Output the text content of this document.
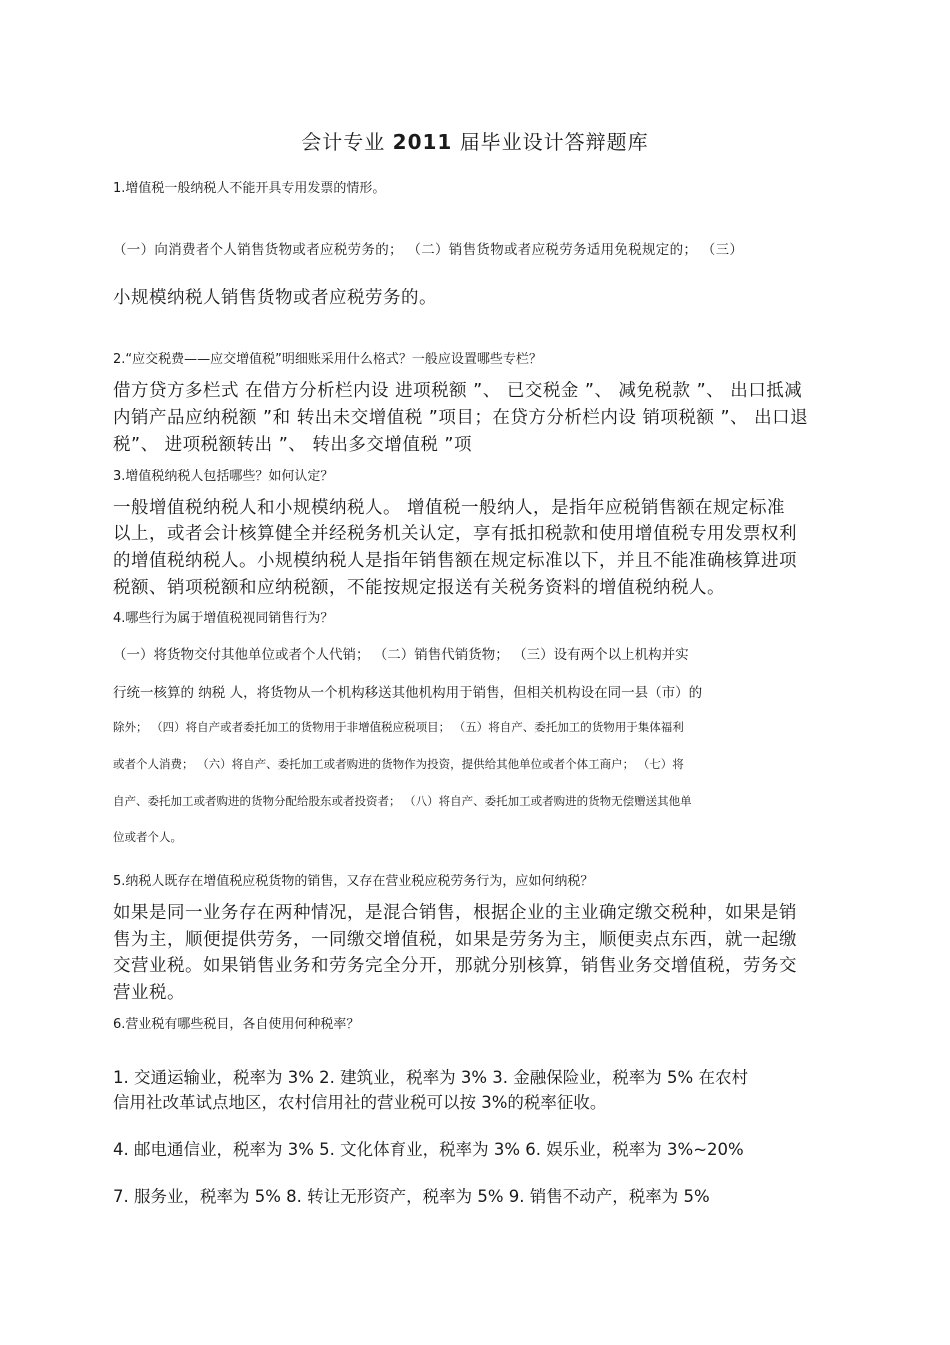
会计专业 2011 届毕业设计答辩题库
1.增值税一般纳税人不能开具专用发票的情形。
（一）向消费者个人销售货物或者应税劳务的； （二）销售货物或者应税劳务适用免税规定的； （三）
小规模纳税人销售货物或者应税劳务的。
2.“应交税费——应交增值税”明细账采用什么格式？一般应设置哪些专栏？
借方贷方多栏式 在借方分析栏内设 进项税额 ”、 已交税金 ”、 减免税款 ”、 出口抵减
内销产品应纳税额 ”和 转出未交增值税 ”项目；在贷方分析栏内设 销项税额 ”、 出口退
税”、 进项税额转出 ”、 转出多交增值税 ”项
3.增值税纳税人包括哪些？如何认定？
一般增值税纳税人和小规模纳税人。 增值税一般纳人，是指年应税销售额在规定标准
以上，或者会计核算健全并经税务机关认定，享有抵扣税款和使用增值税专用发票权利
的增值税纳税人。小规模纳税人是指年销售额在规定标准以下，并且不能准确核算进项
税额、销项税额和应纳税额，不能按规定报送有关税务资料的增值税纳税人。
4.哪些行为属于增值税视同销售行为？
（一）将货物交付其他单位或者个人代销； （二）销售代销货物； （三）设有两个以上机构并实
行统一核算的 纳税 人，将货物从一个机构移送其他机构用于销售，但相关机构设在同一县（市）的
除外； （四）将自产或者委托加工的货物用于非增值税应税项目； （五）将自产、委托加工的货物用于集体福利
或者个人消费； （六）将自产、委托加工或者购进的货物作为投资，提供给其他单位或者个体工商户； （七）将
自产、委托加工或者购进的货物分配给股东或者投资者； （八）将自产、委托加工或者购进的货物无偿赠送其他单
位或者个人。
5.纳税人既存在增值税应税货物的销售，又存在营业税应税劳务行为，应如何纳税？
如果是同一业务存在两种情况，是混合销售，根据企业的主业确定缴交税种，如果是销
售为主，顺便提供劳务，一同缴交增值税，如果是劳务为主，顺便卖点东西，就一起缴
交营业税。如果销售业务和劳务完全分开，那就分别核算，销售业务交增值税，劳务交
营业税。
6.营业税有哪些税目，各自使用何种税率？
1. 交通运输业，税率为 3% 2. 建筑业，税率为 3% 3. 金融保险业，税率为 5% 在农村
信用社改革试点地区，农村信用社的营业税可以按 3%的税率征收。
4. 邮电通信业，税率为 3% 5. 文化体育业，税率为 3% 6. 娱乐业，税率为 3%~20%
7. 服务业，税率为 5% 8. 转让无形资产，税率为 5% 9. 销售不动产，税率为 5%
